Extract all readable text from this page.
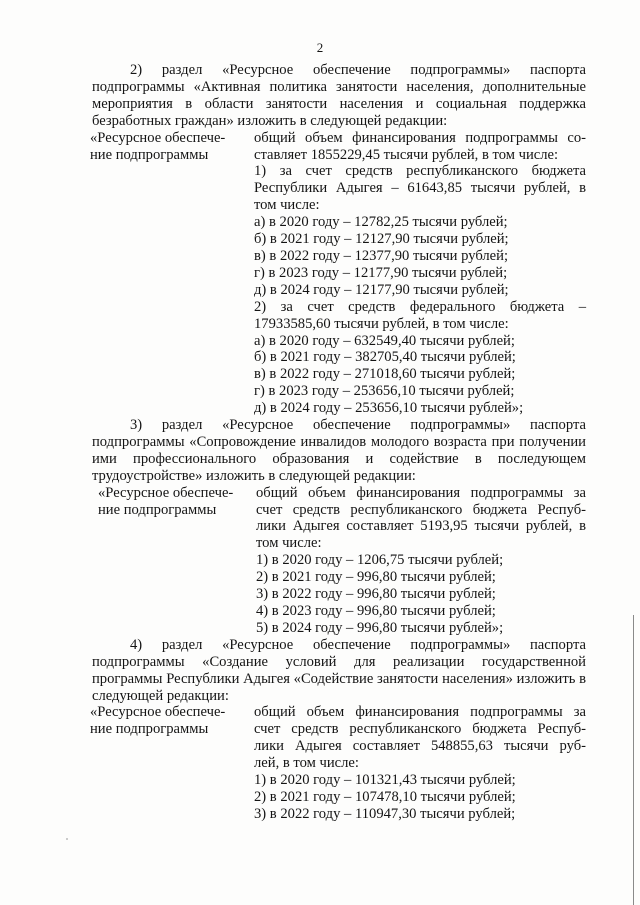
2
2) раздел «Ресурсное обеспечение подпрограммы» паспорта подпрограммы «Активная политика занятости населения, дополнительные мероприятия в области занятости населения и социальная поддержка безработных граждан» изложить в следующей редакции:
«Ресурсное обеспече-
ние подпрограммы
общий объем финансирования подпрограммы со-
ставляет 1855229,45 тысячи рублей, в том числе:
1) за счет средств республиканского бюджета
Республики Адыгея – 61643,85 тысячи рублей, в
том числе:
а) в 2020 году – 12782,25 тысячи рублей;
б) в 2021 году – 12127,90 тысячи рублей;
в) в 2022 году – 12377,90 тысячи рублей;
г) в 2023 году – 12177,90 тысячи рублей;
д) в 2024 году – 12177,90 тысячи рублей;
2) за счет средств федерального бюджета –
17933585,60 тысячи рублей, в том числе:
а) в 2020 году – 632549,40 тысячи рублей;
б) в 2021 году – 382705,40 тысячи рублей;
в) в 2022 году – 271018,60 тысячи рублей;
г) в 2023 году – 253656,10 тысячи рублей;
д) в 2024 году – 253656,10 тысячи рублей»;
3) раздел «Ресурсное обеспечение подпрограммы» паспорта подпрограммы «Сопровождение инвалидов молодого возраста при получении ими профессионального образования и содействие в последующем трудоустройстве» изложить в следующей редакции:
«Ресурсное обеспече-
ние подпрограммы
общий объем финансирования подпрограммы за
счет средств республиканского бюджета Респуб-
лики Адыгея составляет 5193,95 тысячи рублей, в
том числе:
1) в 2020 году – 1206,75 тысячи рублей;
2) в 2021 году – 996,80 тысячи рублей;
3) в 2022 году – 996,80 тысячи рублей;
4) в 2023 году – 996,80 тысячи рублей;
5) в 2024 году – 996,80 тысячи рублей»;
4) раздел «Ресурсное обеспечение подпрограммы» паспорта подпрограммы «Создание условий для реализации государственной программы Республики Адыгея «Содействие занятости населения» изложить в следующей редакции:
«Ресурсное обеспече-
ние подпрограммы
общий объем финансирования подпрограммы за
счет средств республиканского бюджета Респуб-
лики Адыгея составляет 548855,63 тысячи руб-
лей, в том числе:
1) в 2020 году – 101321,43 тысячи рублей;
2) в 2021 году – 107478,10 тысячи рублей;
3) в 2022 году – 110947,30 тысячи рублей;
